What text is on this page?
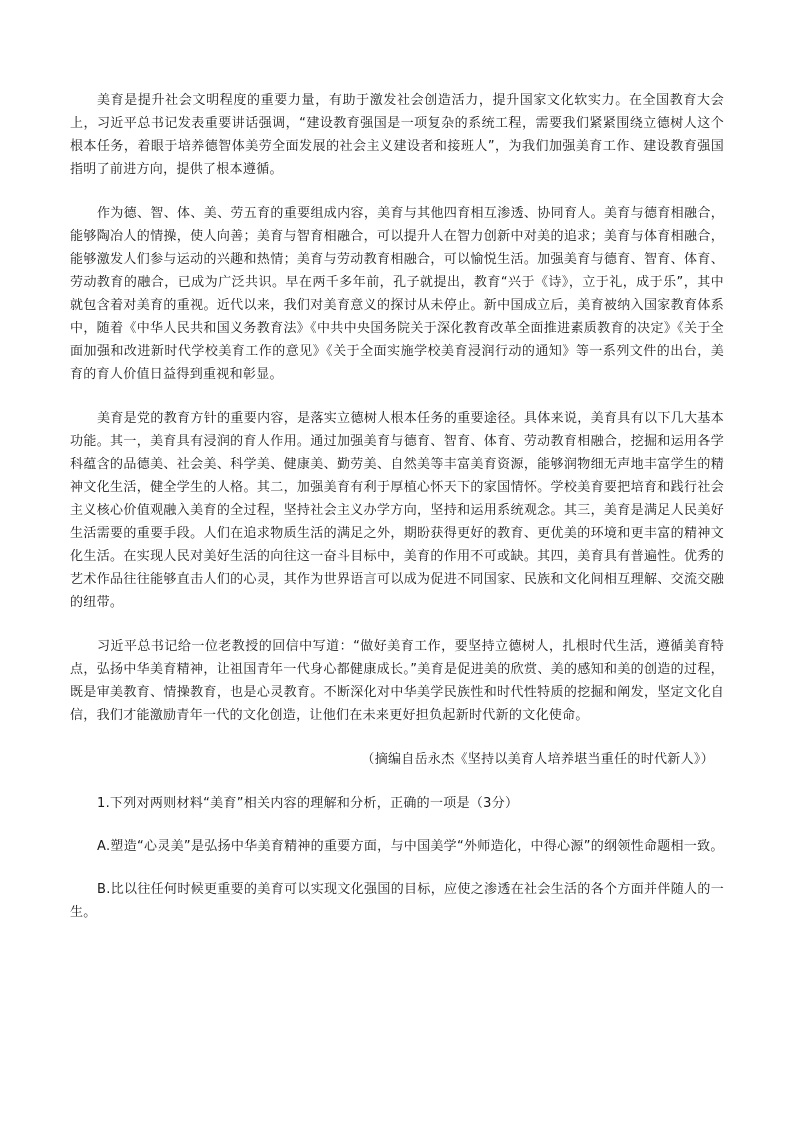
美育是提升社会文明程度的重要力量，有助于激发社会创造活力，提升国家文化软实力。在全国教育大会上，习近平总书记发表重要讲话强调，“建设教育强国是一项复杂的系统工程，需要我们紧紧围绕立德树人这个根本任务，着眼于培养德智体美劳全面发展的社会主义建设者和接班人”，为我们加强美育工作、建设教育强国指明了前进方向，提供了根本遵循。

作为德、智、体、美、劳五育的重要组成内容，美育与其他四育相互渗透、协同育人。美育与德育相融合，能够陶冶人的情操，使人向善；美育与智育相融合，可以提升人在智力创新中对美的追求；美育与体育相融合，能够激发人们参与运动的兴趣和热情；美育与劳动教育相融合，可以愉悦生活。加强美育与德育、智育、体育、劳动教育的融合，已成为广泛共识。早在两千多年前，孔子就提出，教育“兴于《诗》，立于礼，成于乐”，其中就包含着对美育的重视。近代以来，我们对美育意义的探讨从未停止。新中国成立后，美育被纳入国家教育体系中，随着《中华人民共和国义务教育法》《中共中央国务院关于深化教育改革全面推进素质教育的决定》《关于全面加强和改进新时代学校美育工作的意见》《关于全面实施学校美育浸润行动的通知》等一系列文件的出台，美育的育人价值日益得到重视和彰显。

美育是党的教育方针的重要内容，是落实立德树人根本任务的重要途径。具体来说，美育具有以下几大基本功能。其一，美育具有浸润的育人作用。通过加强美育与德育、智育、体育、劳动教育相融合，挖掘和运用各学科蕴含的品德美、社会美、科学美、健康美、勤劳美、自然美等丰富美育资源，能够润物细无声地丰富学生的精神文化生活，健全学生的人格。其二，加强美育有利于厚植心怀天下的家国情怀。学校美育要把培育和践行社会主义核心价值观融入美育的全过程，坚持社会主义办学方向，坚持和运用系统观念。其三，美育是满足人民美好生活需要的重要手段。人们在追求物质生活的满足之外，期盼获得更好的教育、更优美的环境和更丰富的精神文化生活。在实现人民对美好生活的向往这一奋斗目标中，美育的作用不可或缺。其四，美育具有普遍性。优秀的艺术作品往往能够直击人们的心灵，其作为世界语言可以成为促进不同国家、民族和文化间相互理解、交流交融的纽带。

习近平总书记给一位老教授的回信中写道：“做好美育工作，要坚持立德树人，扎根时代生活，遵循美育特点，弘扬中华美育精神，让祖国青年一代身心都健康成长。”美育是促进美的欣赏、美的感知和美的创造的过程，既是审美教育、情操教育，也是心灵教育。不断深化对中华美学民族性和时代性特质的挖掘和阐发，坚定文化自信，我们才能激励青年一代的文化创造，让他们在未来更好担负起新时代新的文化使命。

（摘编自岳永杰《坚持以美育人培养堪当重任的时代新人》）

1.下列对两则材料“美育”相关内容的理解和分析，正确的一项是（3分）

A.塑造“心灵美”是弘扬中华美育精神的重要方面，与中国美学“外师造化，中得心源”的纲领性命题相一致。

B.比以往任何时候更重要的美育可以实现文化强国的目标，应使之渗透在社会生活的各个方面并伴随人的一生。
